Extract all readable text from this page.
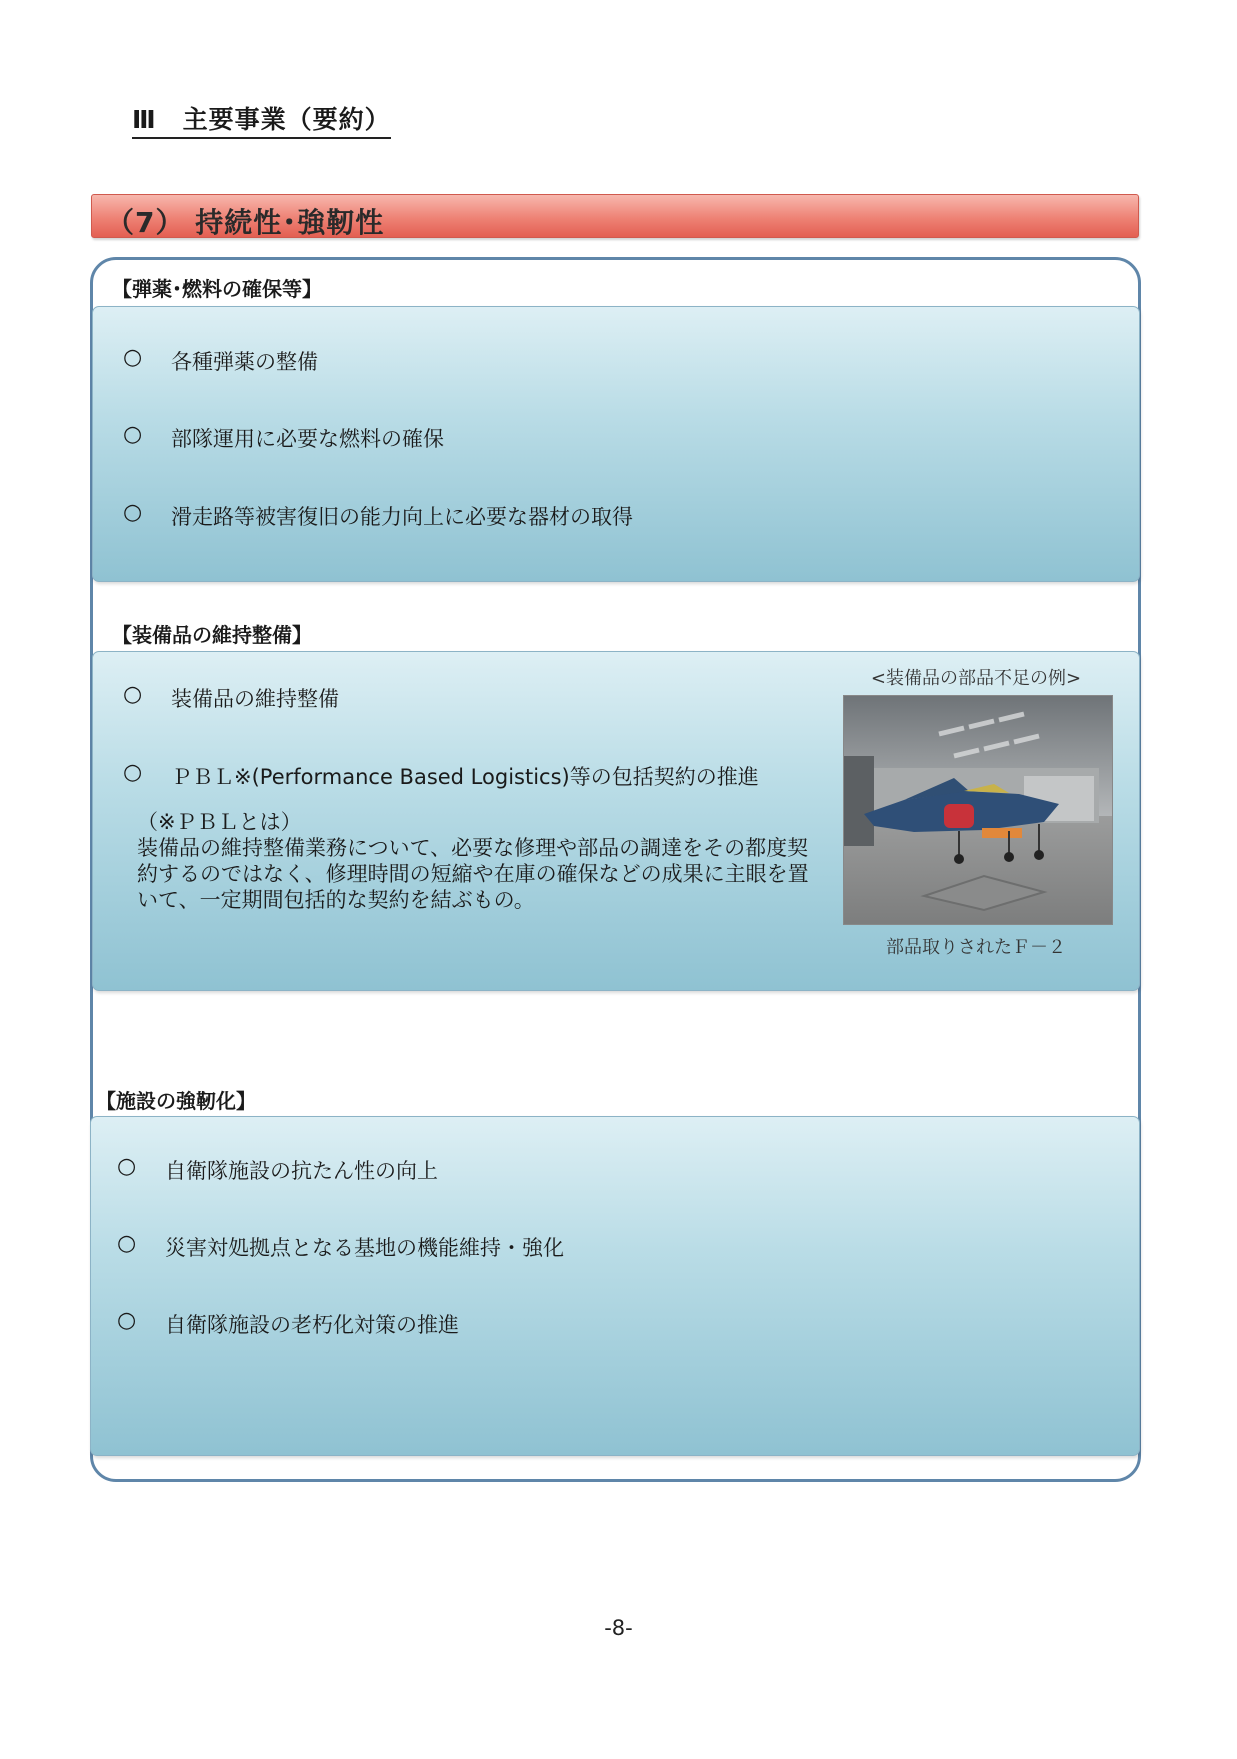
Ⅲ　主要事業（要約）
（7） 持続性･強靭性
【弾薬･燃料の確保等】
○ 各種弾薬の整備
○ 部隊運用に必要な燃料の確保
○ 滑走路等被害復旧の能力向上に必要な器材の取得
【装備品の維持整備】
○ 装備品の維持整備
○ ＰＢＬ※(Performance Based Logistics)等の包括契約の推進
（※ＰＢＬとは）
装備品の維持整備業務について、必要な修理や部品の調達をその都度契約するのではなく、修理時間の短縮や在庫の確保などの成果に主眼を置いて、一定期間包括的な契約を結ぶもの。
<装備品の部品不足の例>
部品取りされたＦ－２
【施設の強靭化】
○ 自衛隊施設の抗たん性の向上
○ 災害対処拠点となる基地の機能維持・強化
○ 自衛隊施設の老朽化対策の推進
-8-
